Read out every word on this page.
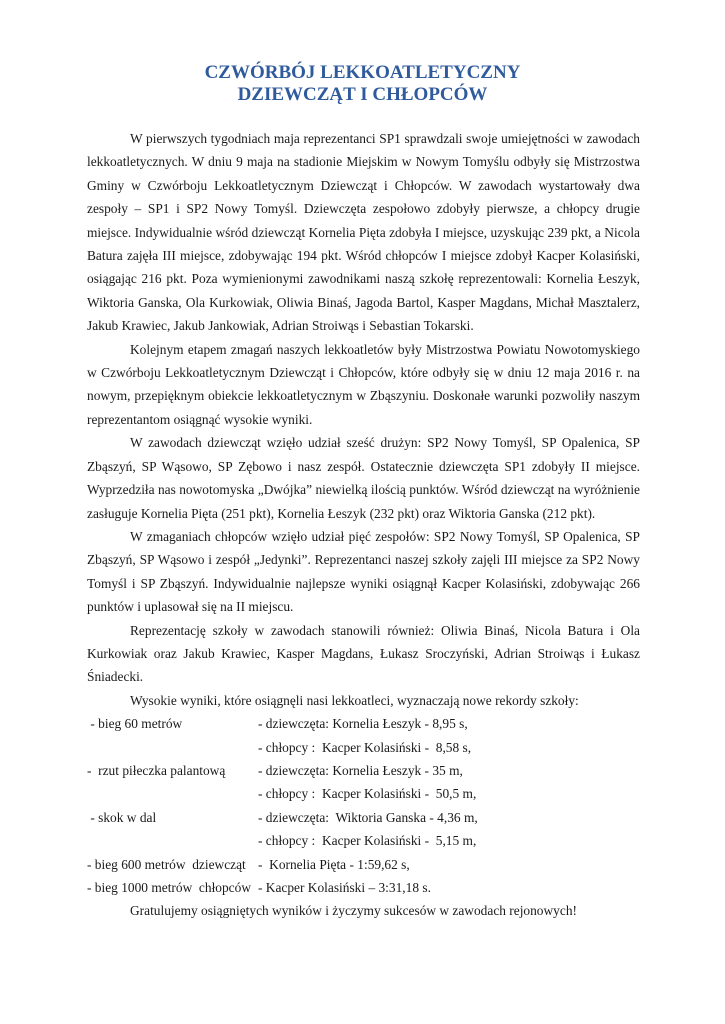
CZWÓRBÓJ LEKKOATLETYCZNY
DZIEWCZĄT I CHŁOPCÓW

W pierwszych tygodniach maja reprezentanci SP1 sprawdzali swoje umiejętności w zawodach lekkoatletycznych. W dniu 9 maja na stadionie Miejskim w Nowym Tomyślu odbyły się Mistrzostwa Gminy w Czwórboju Lekkoatletycznym Dziewcząt i Chłopców. W zawodach wystartowały dwa zespoły – SP1 i SP2 Nowy Tomyśl. Dziewczęta zespołowo zdobyły pierwsze, a chłopcy drugie miejsce. Indywidualnie wśród dziewcząt Kornelia Pięta zdobyła I miejsce, uzyskując 239 pkt, a Nicola Batura zajęła III miejsce, zdobywając 194 pkt. Wśród chłopców I miejsce zdobył Kacper Kolasiński, osiągając 216 pkt. Poza wymienionymi zawodnikami naszą szkołę reprezentowali: Kornelia Łeszyk, Wiktoria Ganska, Ola Kurkowiak, Oliwia Binaś, Jagoda Bartol, Kasper Magdans, Michał Masztalerz, Jakub Krawiec, Jakub Jankowiak, Adrian Stroiwąs i Sebastian Tokarski.

Kolejnym etapem zmagań naszych lekkoatletów były Mistrzostwa Powiatu Nowotomyskiego w Czwórboju Lekkoatletycznym Dziewcząt i Chłopców, które odbyły się w dniu 12 maja 2016 r. na nowym, przepięknym obiekcie lekkoatletycznym w Zbąszyniu. Doskonałe warunki pozwoliły naszym reprezentantom osiągnąć wysokie wyniki.

W zawodach dziewcząt wzięło udział sześć drużyn: SP2 Nowy Tomyśl, SP Opalenica, SP Zbąszyń, SP Wąsowo, SP Zębowo i nasz zespół. Ostatecznie dziewczęta SP1 zdobyły II miejsce. Wyprzedziła nas nowotomyska „Dwójka” niewielką ilością punktów. Wśród dziewcząt na wyróżnienie zasługuje Kornelia Pięta (251 pkt), Kornelia Łeszyk (232 pkt) oraz Wiktoria Ganska (212 pkt).

W zmaganiach chłopców wzięło udział pięć zespołów: SP2 Nowy Tomyśl, SP Opalenica, SP Zbąszyń, SP Wąsowo i zespół „Jedynki”. Reprezentanci naszej szkoły zajęli III miejsce za SP2 Nowy Tomyśl i SP Zbąszyń. Indywidualnie najlepsze wyniki osiągnął Kacper Kolasiński, zdobywając 266 punktów i uplasował się na II miejscu.

Reprezentację szkoły w zawodach stanowili również: Oliwia Binaś, Nicola Batura i Ola Kurkowiak oraz Jakub Krawiec, Kasper Magdans, Łukasz Sroczyński, Adrian Stroiwąs i Łukasz Śniadecki.

Wysokie wyniki, które osiągnęli nasi lekkoatleci, wyznaczają nowe rekordy szkoły:

- bieg 60 metrów	- dziewczęta: Kornelia Łeszyk - 8,95 s,
- chłopcy :  Kacper Kolasiński -  8,58 s,
-  rzut piłeczka palantową	- dziewczęta: Kornelia Łeszyk - 35 m,
- chłopcy :  Kacper Kolasiński -  50,5 m,
- skok w dal	- dziewczęta:  Wiktoria Ganska - 4,36 m,
- chłopcy :  Kacper Kolasiński -  5,15 m,
- bieg 600 metrów  dziewcząt -  Kornelia Pięta - 1:59,62 s,
- bieg 1000 metrów  chłopców - Kacper Kolasiński – 3:31,18 s.

Gratulujemy osiągniętych wyników i życzymy sukcesów w zawodach rejonowych!
